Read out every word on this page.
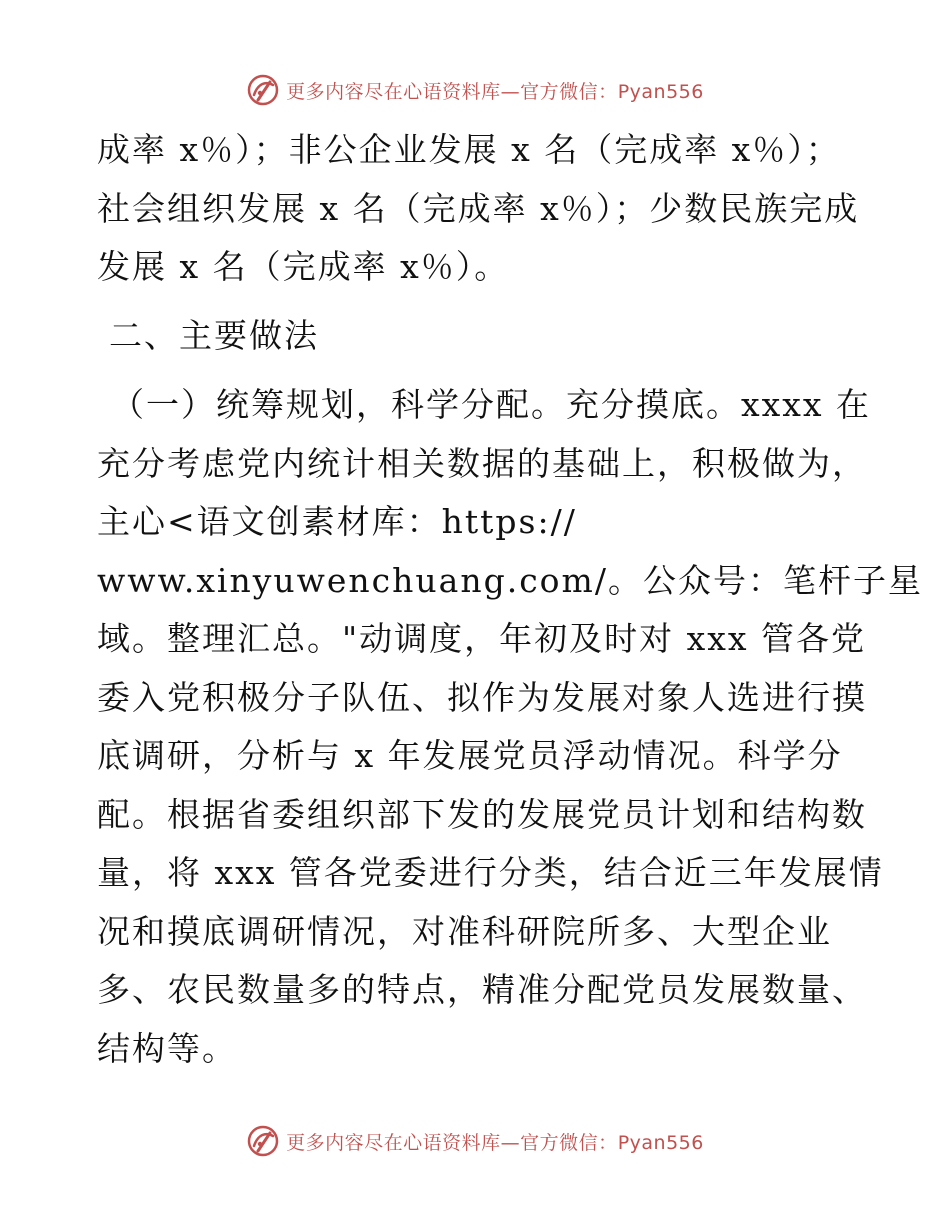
更多内容尽在心语资料库—官方微信：Pyan556
成率 x％）；非公企业发展 x 名（完成率 x％）；
社会组织发展 x 名（完成率 x％）；少数民族完成
发展 x 名（完成率 x％）。
二、主要做法
（一）统筹规划，科学分配。充分摸底。xxxx 在
充分考虑党内统计相关数据的基础上，积极做为，
主心<语文创素材库：https://
www.xinyuwenchuang.com/。公众号：笔杆子星
域。整理汇总。"动调度，年初及时对 xxx 管各党
委入党积极分子队伍、拟作为发展对象人选进行摸
底调研，分析与 x 年发展党员浮动情况。科学分
配。根据省委组织部下发的发展党员计划和结构数
量，将 xxx 管各党委进行分类，结合近三年发展情
况和摸底调研情况，对准科研院所多、大型企业
多、农民数量多的特点，精准分配党员发展数量、
结构等。
更多内容尽在心语资料库—官方微信：Pyan556
